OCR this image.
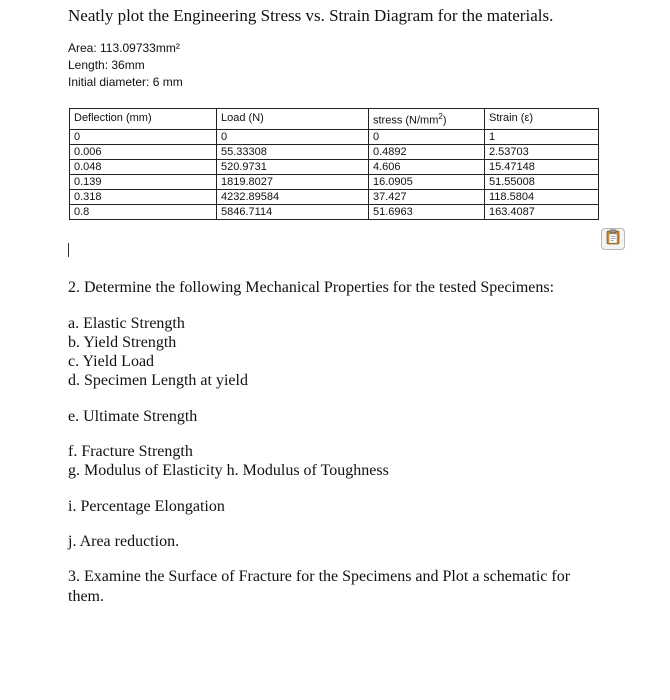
Neatly plot the Engineering Stress vs. Strain Diagram for the materials.
Area: 113.09733mm²
Length: 36mm
Initial diameter: 6 mm
Deflection (mm)	Load (N)	stress $(N/mm^2)$	Strain (ε)
0	0	0	1
0.006	55.33308	0.4892	2.53703
0.048	520.9731	4.606	15.47148
0.139	1819.8027	16.0905	51.55008
0.318	4232.89584	37.427	118.5804
0.8	5846.7114	51.6963	163.4087
2. Determine the following Mechanical Properties for the tested Specimens:
a. Elastic Strength
b. Yield Strength
c. Yield Load
d. Specimen Length at yield
e. Ultimate Strength
f. Fracture Strength
g. Modulus of Elasticity h. Modulus of Toughness
i. Percentage Elongation
j. Area reduction.
3. Examine the Surface of Fracture for the Specimens and Plot a schematic for them.
